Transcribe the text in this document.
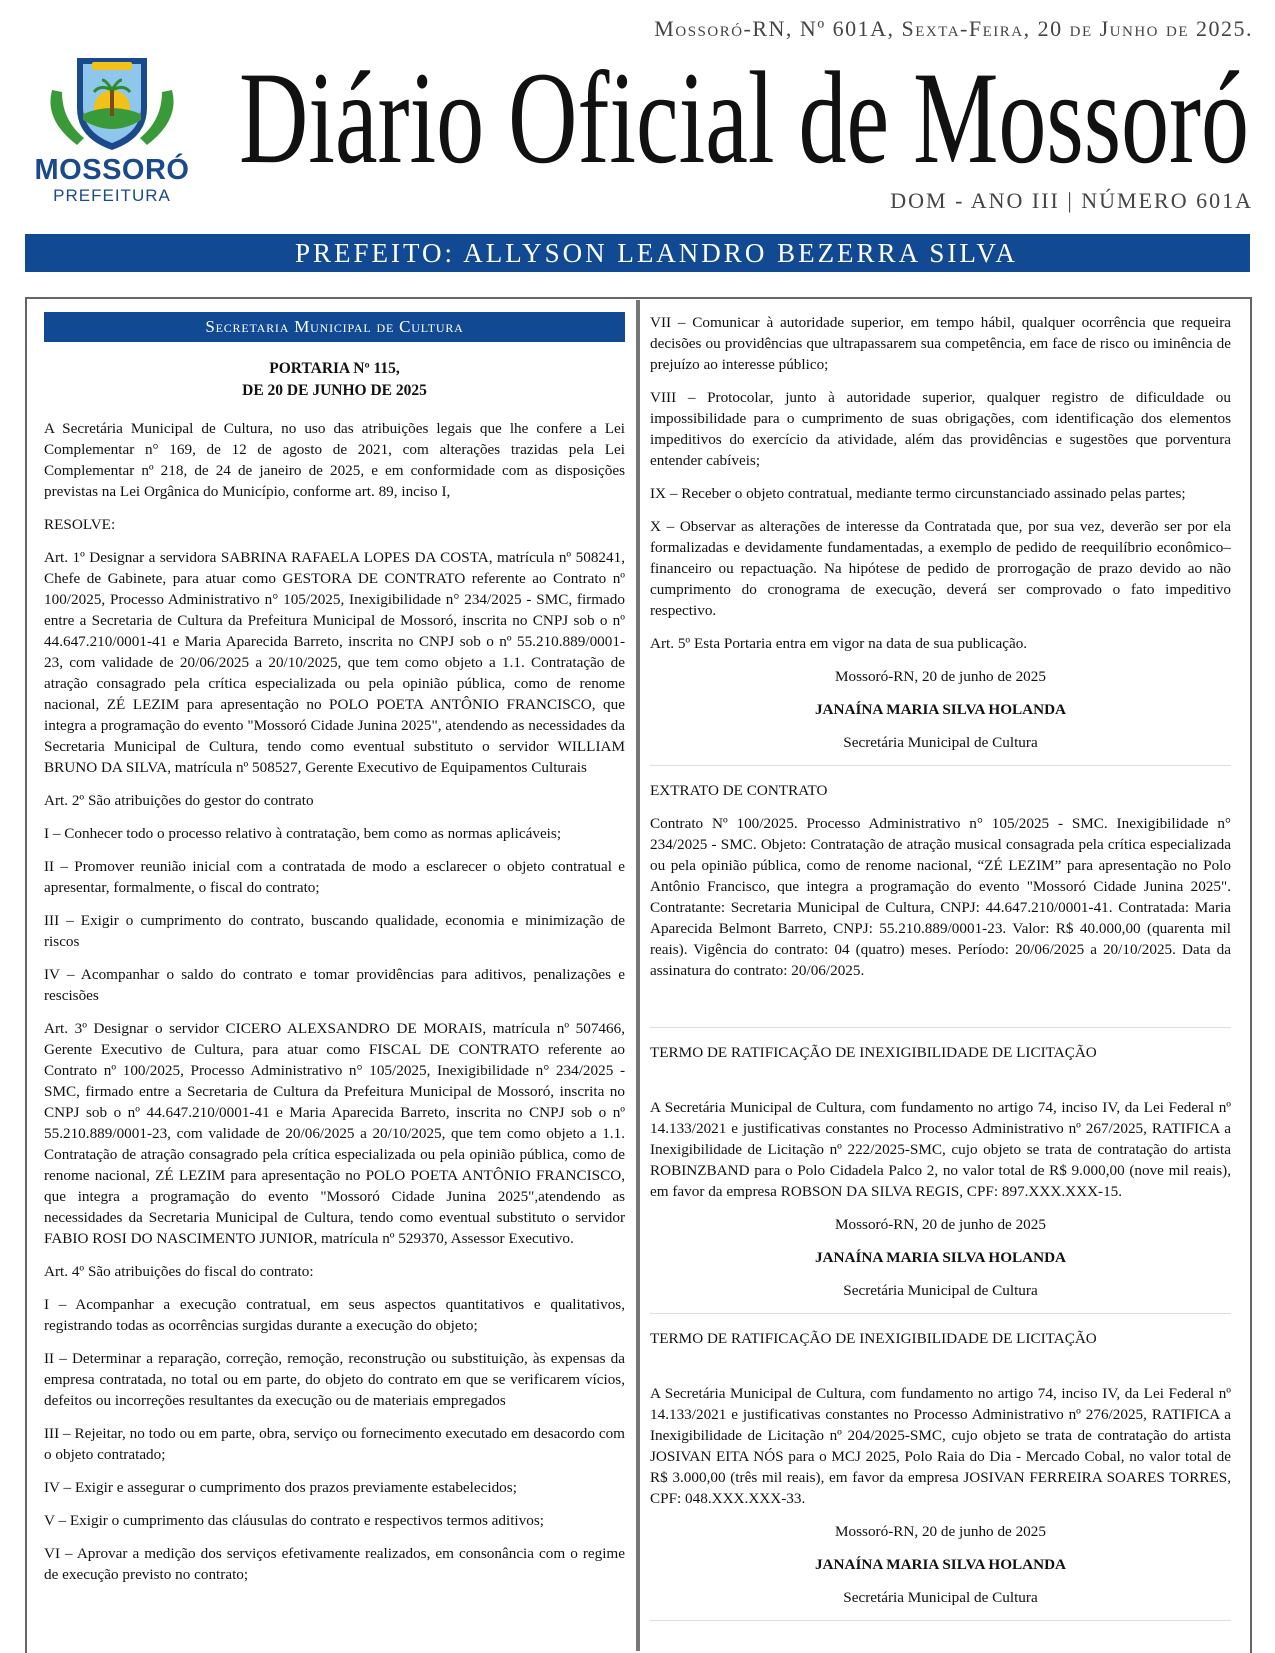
MOSSORÓ
PREFEITURA
Mossoró-RN, Nº 601A, Sexta-Feira, 20 de Junho de 2025.
Diário Oficial de Mossoró
DOM - ANO III | NÚMERO 601A
PREFEITO: ALLYSON LEANDRO BEZERRA SILVA
Secretaria Municipal de Cultura
PORTARIA Nº 115,
DE 20 DE JUNHO DE 2025

A Secretária Municipal de Cultura, no uso das atribuições legais que lhe confere a Lei Complementar n° 169, de 12 de agosto de 2021, com alterações trazidas pela Lei Complementar nº 218, de 24 de janeiro de 2025, e em conformidade com as disposições previstas na Lei Orgânica do Município, conforme art. 89, inciso I,

RESOLVE:

Art. 1º Designar a servidora SABRINA RAFAELA LOPES DA COSTA, matrícula nº 508241, Chefe de Gabinete, para atuar como GESTORA DE CONTRATO referente ao Contrato nº 100/2025, Processo Administrativo n° 105/2025, Inexigibilidade n° 234/2025 - SMC, firmado entre a Secretaria de Cultura da Prefeitura Municipal de Mossoró, inscrita no CNPJ sob o nº 44.647.210/0001-41 e Maria Aparecida Barreto, inscrita no CNPJ sob o nº 55.210.889/0001-23, com validade de 20/06/2025 a 20/10/2025, que tem como objeto a 1.1. Contratação de atração consagrado pela crítica especializada ou pela opinião pública, como de renome nacional, ZÉ LEZIM para apresentação no POLO POETA ANTÔNIO FRANCISCO, que integra a programação do evento "Mossoró Cidade Junina 2025", atendendo as necessidades da Secretaria Municipal de Cultura, tendo como eventual substituto o servidor WILLIAM BRUNO DA SILVA, matrícula nº 508527, Gerente Executivo de Equipamentos Culturais

Art. 2º São atribuições do gestor do contrato

I – Conhecer todo o processo relativo à contratação, bem como as normas aplicáveis;

II – Promover reunião inicial com a contratada de modo a esclarecer o objeto contratual e apresentar, formalmente, o fiscal do contrato;

III – Exigir o cumprimento do contrato, buscando qualidade, economia e minimização de riscos

IV – Acompanhar o saldo do contrato e tomar providências para aditivos, penalizações e rescisões

Art. 3º Designar o servidor CICERO ALEXSANDRO DE MORAIS, matrícula nº 507466, Gerente Executivo de Cultura, para atuar como FISCAL DE CONTRATO referente ao Contrato nº 100/2025, Processo Administrativo n° 105/2025, Inexigibilidade n° 234/2025 - SMC, firmado entre a Secretaria de Cultura da Prefeitura Municipal de Mossoró, inscrita no CNPJ sob o nº 44.647.210/0001-41 e Maria Aparecida Barreto, inscrita no CNPJ sob o nº 55.210.889/0001-23, com validade de 20/06/2025 a 20/10/2025, que tem como objeto a 1.1. Contratação de atração consagrado pela crítica especializada ou pela opinião pública, como de renome nacional, ZÉ LEZIM para apresentação no POLO POETA ANTÔNIO FRANCISCO, que integra a programação do evento "Mossoró Cidade Junina 2025",atendendo as necessidades da Secretaria Municipal de Cultura, tendo como eventual substituto o servidor FABIO ROSI DO NASCIMENTO JUNIOR, matrícula nº 529370, Assessor Executivo.

Art. 4º São atribuições do fiscal do contrato:

I – Acompanhar a execução contratual, em seus aspectos quantitativos e qualitativos, registrando todas as ocorrências surgidas durante a execução do objeto;

II – Determinar a reparação, correção, remoção, reconstrução ou substituição, às expensas da empresa contratada, no total ou em parte, do objeto do contrato em que se verificarem vícios, defeitos ou incorreções resultantes da execução ou de materiais empregados

III – Rejeitar, no todo ou em parte, obra, serviço ou fornecimento executado em desacordo com o objeto contratado;

IV – Exigir e assegurar o cumprimento dos prazos previamente estabelecidos;

V – Exigir o cumprimento das cláusulas do contrato e respectivos termos aditivos;

VI – Aprovar a medição dos serviços efetivamente realizados, em consonância com o regime de execução previsto no contrato;

VII – Comunicar à autoridade superior, em tempo hábil, qualquer ocorrência que requeira decisões ou providências que ultrapassarem sua competência, em face de risco ou iminência de prejuízo ao interesse público;

VIII – Protocolar, junto à autoridade superior, qualquer registro de dificuldade ou impossibilidade para o cumprimento de suas obrigações, com identificação dos elementos impeditivos do exercício da atividade, além das providências e sugestões que porventura entender cabíveis;

IX – Receber o objeto contratual, mediante termo circunstanciado assinado pelas partes;

X – Observar as alterações de interesse da Contratada que, por sua vez, deverão ser por ela formalizadas e devidamente fundamentadas, a exemplo de pedido de reequilíbrio econômico–financeiro ou repactuação. Na hipótese de pedido de prorrogação de prazo devido ao não cumprimento do cronograma de execução, deverá ser comprovado o fato impeditivo respectivo.

Art. 5º Esta Portaria entra em vigor na data de sua publicação.

Mossoró-RN, 20 de junho de 2025

JANAÍNA MARIA SILVA HOLANDA

Secretária Municipal de Cultura

EXTRATO DE CONTRATO

Contrato Nº 100/2025. Processo Administrativo n° 105/2025 - SMC. Inexigibilidade n° 234/2025 - SMC. Objeto: Contratação de atração musical consagrada pela crítica especializada ou pela opinião pública, como de renome nacional, “ZÉ LEZIM” para apresentação no Polo Antônio Francisco, que integra a programação do evento "Mossoró Cidade Junina 2025". Contratante: Secretaria Municipal de Cultura, CNPJ: 44.647.210/0001-41. Contratada: Maria Aparecida Belmont Barreto, CNPJ: 55.210.889/0001-23. Valor: R$ 40.000,00 (quarenta mil reais). Vigência do contrato: 04 (quatro) meses. Período: 20/06/2025 a 20/10/2025. Data da assinatura do contrato: 20/06/2025.

TERMO DE RATIFICAÇÃO DE INEXIGIBILIDADE DE LICITAÇÃO

A Secretária Municipal de Cultura, com fundamento no artigo 74, inciso IV, da Lei Federal nº 14.133/2021 e justificativas constantes no Processo Administrativo nº 267/2025, RATIFICA a Inexigibilidade de Licitação nº 222/2025-SMC, cujo objeto se trata de contratação do artista ROBINZBAND para o Polo Cidadela Palco 2, no valor total de R$ 9.000,00 (nove mil reais), em favor da empresa ROBSON DA SILVA REGIS, CPF: 897.XXX.XXX-15.

Mossoró-RN, 20 de junho de 2025

JANAÍNA MARIA SILVA HOLANDA

Secretária Municipal de Cultura

TERMO DE RATIFICAÇÃO DE INEXIGIBILIDADE DE LICITAÇÃO

A Secretária Municipal de Cultura, com fundamento no artigo 74, inciso IV, da Lei Federal nº 14.133/2021 e justificativas constantes no Processo Administrativo nº 276/2025, RATIFICA a Inexigibilidade de Licitação nº 204/2025-SMC, cujo objeto se trata de contratação do artista JOSIVAN EITA NÓS para o MCJ 2025, Polo Raia do Dia - Mercado Cobal, no valor total de R$ 3.000,00 (três mil reais), em favor da empresa JOSIVAN FERREIRA SOARES TORRES, CPF: 048.XXX.XXX-33.

Mossoró-RN, 20 de junho de 2025

JANAÍNA MARIA SILVA HOLANDA

Secretária Municipal de Cultura
